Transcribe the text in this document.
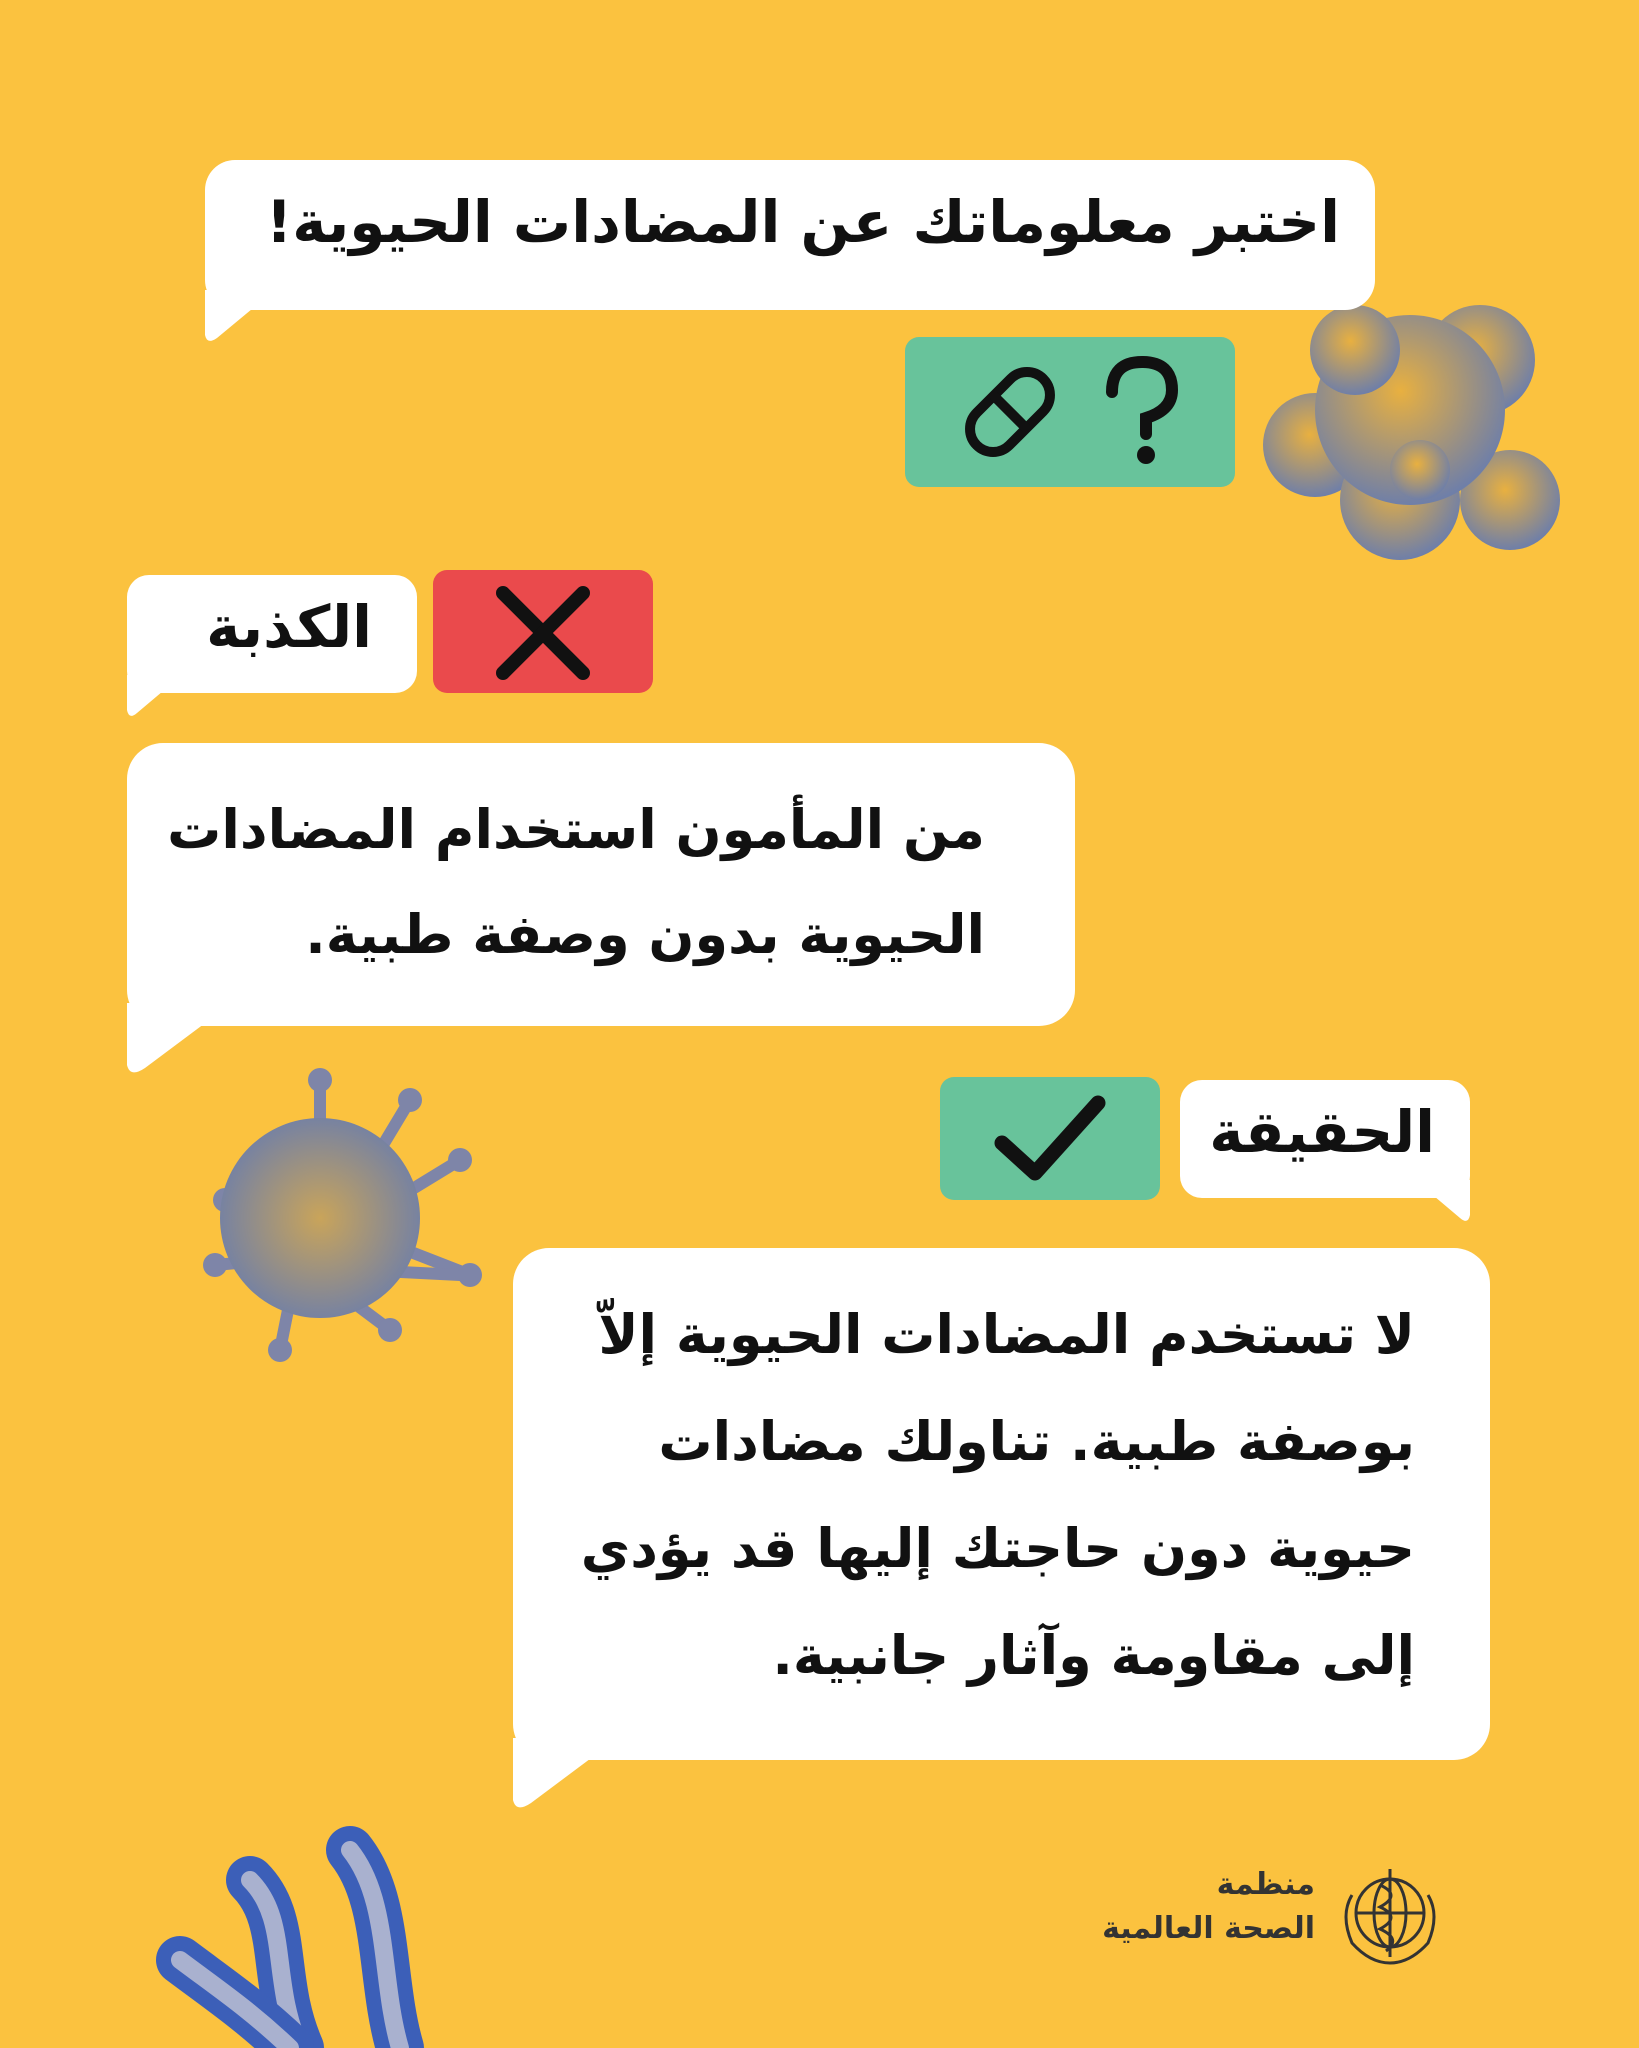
اختبر معلوماتك عن المضادات الحيوية!
الكذبة
من المأمون استخدام المضادات
الحيوية بدون وصفة طبية.
الحقيقة
لا تستخدم المضادات الحيوية إلاّ
بوصفة طبية. تناولك مضادات
حيوية دون حاجتك إليها قد يؤدي
إلى مقاومة وآثار جانبية.
منظمة
الصحة العالمية
